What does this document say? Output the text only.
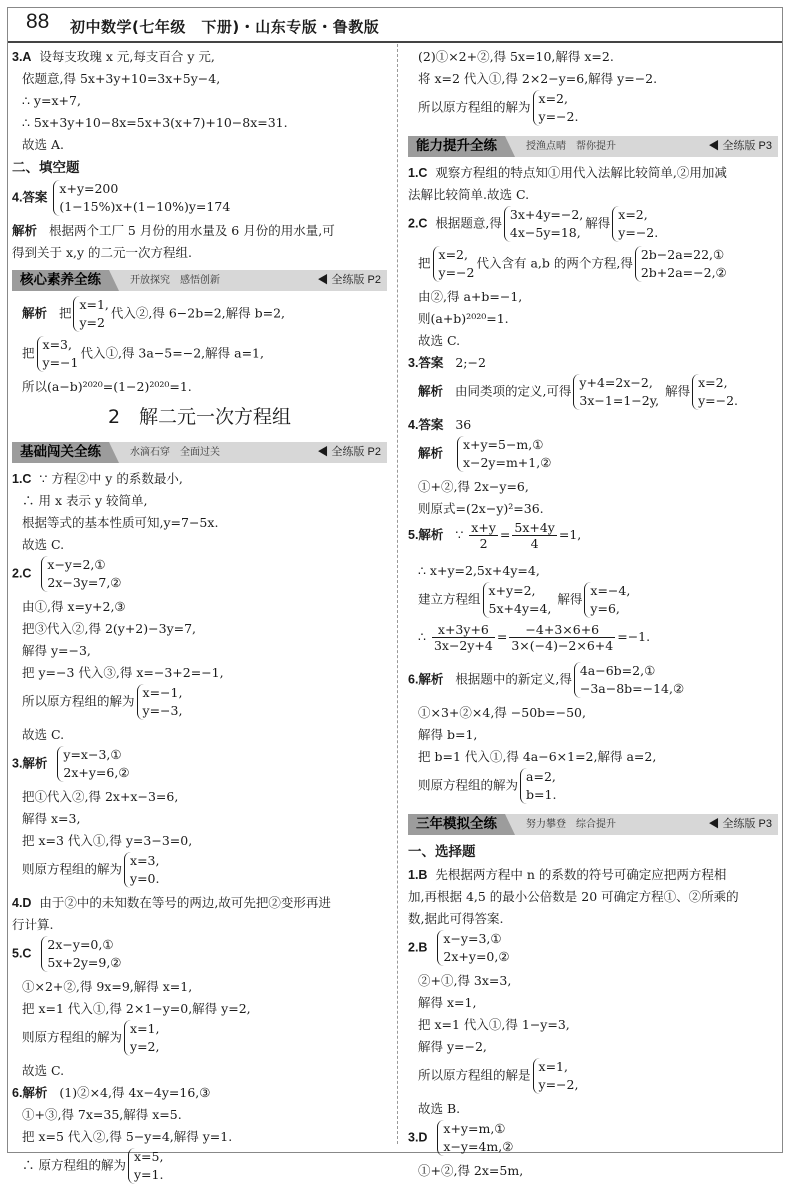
88 初中数学(七年级　下册)・山东专版・鲁教版
3.A 设每支玫瑰 x 元,每支百合 y 元,
依题意,得 5x+3y+10=3x+5y−4,
∴ y=x+7,
∴ 5x+3y+10−8x=5x+3(x+7)+10−8x=31.
故选 A.
二、填空题
4.答案
x+y=200
(1−15%)x+(1−10%)y=174
解析 根据两个工厂 5 月份的用水量及 6 月份的用水量,可
得到关于 x,y 的二元一次方程组.
核心素养全练	开放探究　感悟创新	◀ 全练版 P2
解析 把
x=1,
y=2
代入②,得 6−2b=2,解得 b=2,
把
x=3,
y=−1
代入①,得 3a−5=−2,解得 a=1,
所以(a−b)²⁰²⁰=(1−2)²⁰²⁰=1.
2　解二元一次方程组
基础闯关全练	水滴石穿　全面过关	◀ 全练版 P2
1.C ∵ 方程②中 y 的系数最小,
∴ 用 x 表示 y 较简单,
根据等式的基本性质可知,y=7−5x.
故选 C.
2.C
x−y=2,①
2x−3y=7,②
由①,得 x=y+2,③
把③代入②,得 2(y+2)−3y=7,
解得 y=−3,
把 y=−3 代入③,得 x=−3+2=−1,
所以原方程组的解为
x=−1,
y=−3,
故选 C.
3.解析
y=x−3,①
2x+y=6,②
把①代入②,得 2x+x−3=6,
解得 x=3,
把 x=3 代入①,得 y=3−3=0,
则原方程组的解为
x=3,
y=0.
4.D 由于②中的未知数在等号的两边,故可先把②变形再进
行计算.
5.C
2x−y=0,①
5x+2y=9,②
①×2+②,得 9x=9,解得 x=1,
把 x=1 代入①,得 2×1−y=0,解得 y=2,
则原方程组的解为
x=1,
y=2,
故选 C.
6.解析 (1)②×4,得 4x−4y=16,③
①+③,得 7x=35,解得 x=5.
把 x=5 代入②,得 5−y=4,解得 y=1.
∴ 原方程组的解为
x=5,
y=1.
(2)①×2+②,得 5x=10,解得 x=2.
将 x=2 代入①,得 2×2−y=6,解得 y=−2.
所以原方程组的解为
x=2,
y=−2.
能力提升全练	授渔点晴　帮你提升	◀ 全练版 P3
1.C 观察方程组的特点知①用代入法解比较简单,②用加减
法解比较简单.故选 C.
2.C 根据题意,得
3x+4y=−2,
4x−5y=18,
解得
x=2,
y=−2.
把
x=2,
y=−2
代入含有 a,b 的两个方程,得
2b−2a=22,①
2b+2a=−2,②
由②,得 a+b=−1,
则(a+b)²⁰²⁰=1.
故选 C.
3.答案 2;−2
解析 由同类项的定义,可得
y+4=2x−2,
3x−1=1−2y,
解得
x=2,
y=−2.
4.答案 36
解析
x+y=5−m,①
x−2y=m+1,②
①+②,得 2x−y=6,
则原式=(2x−y)²=36.
5.解析 ∵ $\frac{x+y}{2} = \frac{5x+4y}{4} =1$,
∴ x+y=2,5x+4y=4,
建立方程组
x+y=2,
5x+4y=4,
解得
x=−4,
y=6,
∴ $\frac{x+3y+6}{3x-2y+4} = \frac{-4+3\times 6+6}{3\times(-4)-2\times 6+4} =-1$.
6.解析 根据题中的新定义,得
4a−6b=2,①
−3a−8b=−14,②
①×3+②×4,得 −50b=−50,
解得 b=1,
把 b=1 代入①,得 4a−6×1=2,解得 a=2,
则原方程组的解为
a=2,
b=1.
三年模拟全练	努力攀登　综合提升	◀ 全练版 P3
一、选择题
1.B 先根据两方程中 n 的系数的符号可确定应把两方程相
加,再根据 4,5 的最小公倍数是 20 可确定方程①、②所乘的
数,据此可得答案.
2.B
x−y=3,①
2x+y=0,②
②+①,得 3x=3,
解得 x=1,
把 x=1 代入①,得 1−y=3,
解得 y=−2,
所以原方程组的解是
x=1,
y=−2,
故选 B.
3.D
x+y=m,①
x−y=4m,②
①+②,得 2x=5m,
